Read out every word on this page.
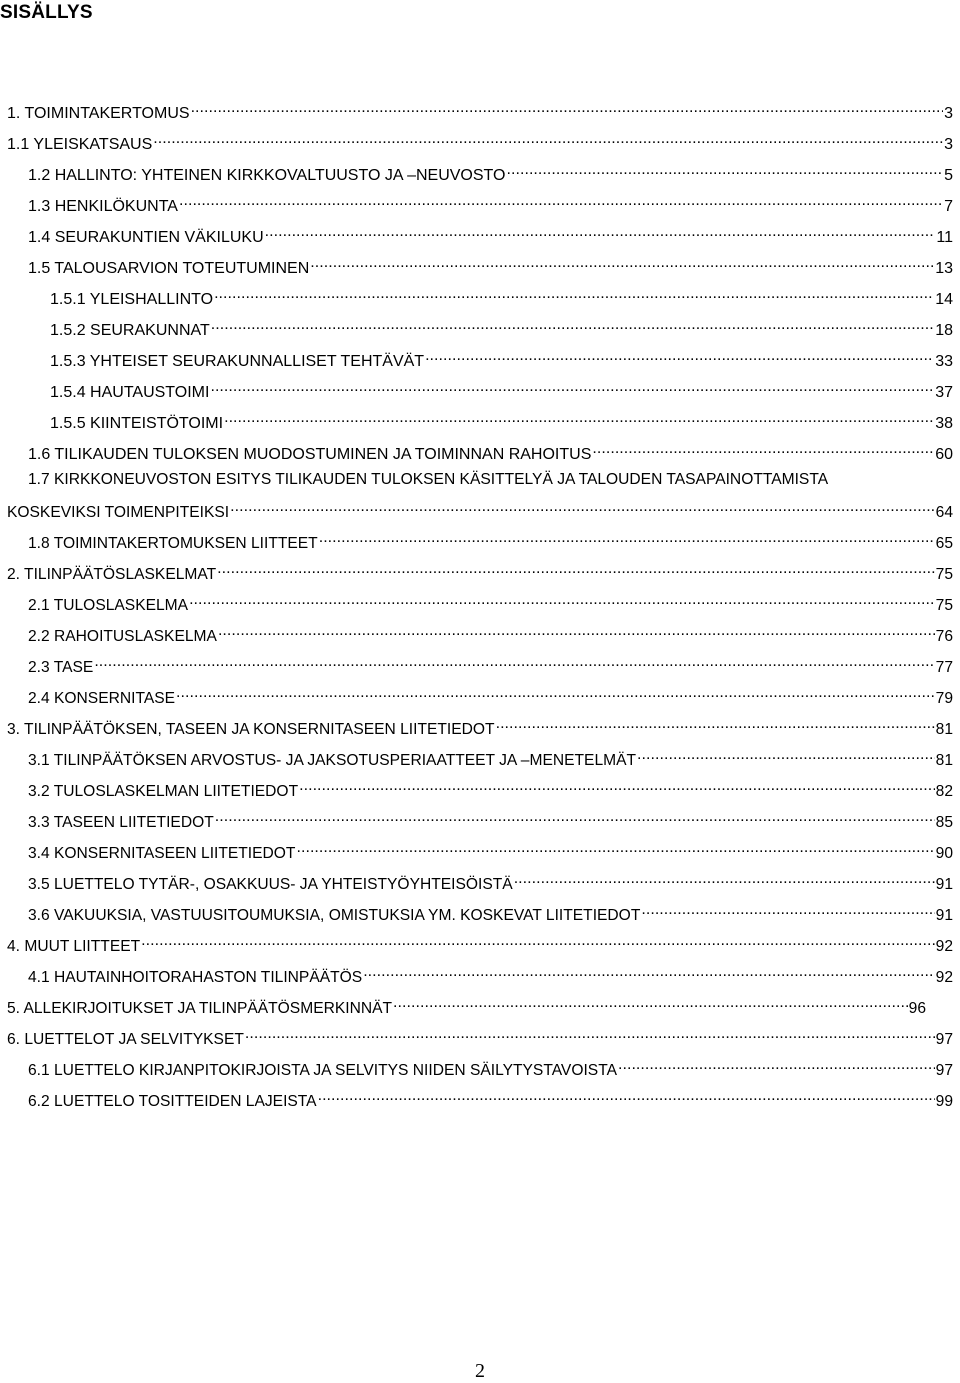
SISÄLLYS
1. TOIMINTAKERTOMUS . . .	3
1.1 YLEISKATSAUS . . .	3
1.2 HALLINTO: YHTEINEN KIRKKOVALTUUSTO JA –NEUVOSTO . . .	5
1.3 HENKILÖKUNTA . . .	7
1.4 SEURAKUNTIEN VÄKILUKU . . .	11
1.5 TALOUSARVION TOTEUTUMINEN . . .	13
1.5.1 YLEISHALLINTO . . .	14
1.5.2 SEURAKUNNAT . . .	18
1.5.3 YHTEISET SEURAKUNNALLISET TEHTÄVÄT . . .	33
1.5.4 HAUTAUSTOIMI . . .	37
1.5.5 KIINTEISTÖTOIMI . . .	38
1.6 TILIKAUDEN TULOKSEN MUODOSTUMINEN JA TOIMINNAN RAHOITUS . . .	60
1.7 KIRKKONEUVOSTON ESITYS TILIKAUDEN TULOKSEN KÄSITTELYÄ JA TALOUDEN TASAPAINOTTAMISTA
KOSKEVIKSI TOIMENPITEIKSI . . .	64
1.8 TOIMINTAKERTOMUKSEN LIITTEET . . .	65
2. TILINPÄÄTÖSLASKELMAT . . .	75
2.1 TULOSLASKELMA . . .	75
2.2 RAHOITUSLASKELMA . . .	76
2.3 TASE . . .	77
2.4 KONSERNITASE . . .	79
3. TILINPÄÄTÖKSEN, TASEEN JA KONSERNITASEEN LIITETIEDOT . . .	81
3.1 TILINPÄÄTÖKSEN ARVOSTUS- JA JAKSOTUSPERIAATTEET JA –MENETELMÄT . . .	81
3.2 TULOSLASKELMAN LIITETIEDOT . . .	82
3.3 TASEEN LIITETIEDOT . . .	85
3.4 KONSERNITASEEN LIITETIEDOT . . .	90
3.5 LUETTELO TYTÄR-, OSAKKUUS- JA YHTEISTYÖYHTEISÖISTÄ . . .	91
3.6 VAKUUKSIA, VASTUUSITOUMUKSIA, OMISTUKSIA YM. KOSKEVAT LIITETIEDOT . . .	91
4. MUUT LIITTEET . . .	92
4.1 HAUTAINHOITORAHASTON TILINPÄÄTÖS . . .	92
5. ALLEKIRJOITUKSET JA TILINPÄÄTÖSMERKINNÄT . . .	96
6. LUETTELOT JA SELVITYKSET . . .	97
6.1 LUETTELO KIRJANPITOKIRJOISTA JA SELVITYS NIIDEN SÄILYTYSTAVOISTA . . .	97
6.2 LUETTELO TOSITTEIDEN LAJEISTA . . .	99
2
